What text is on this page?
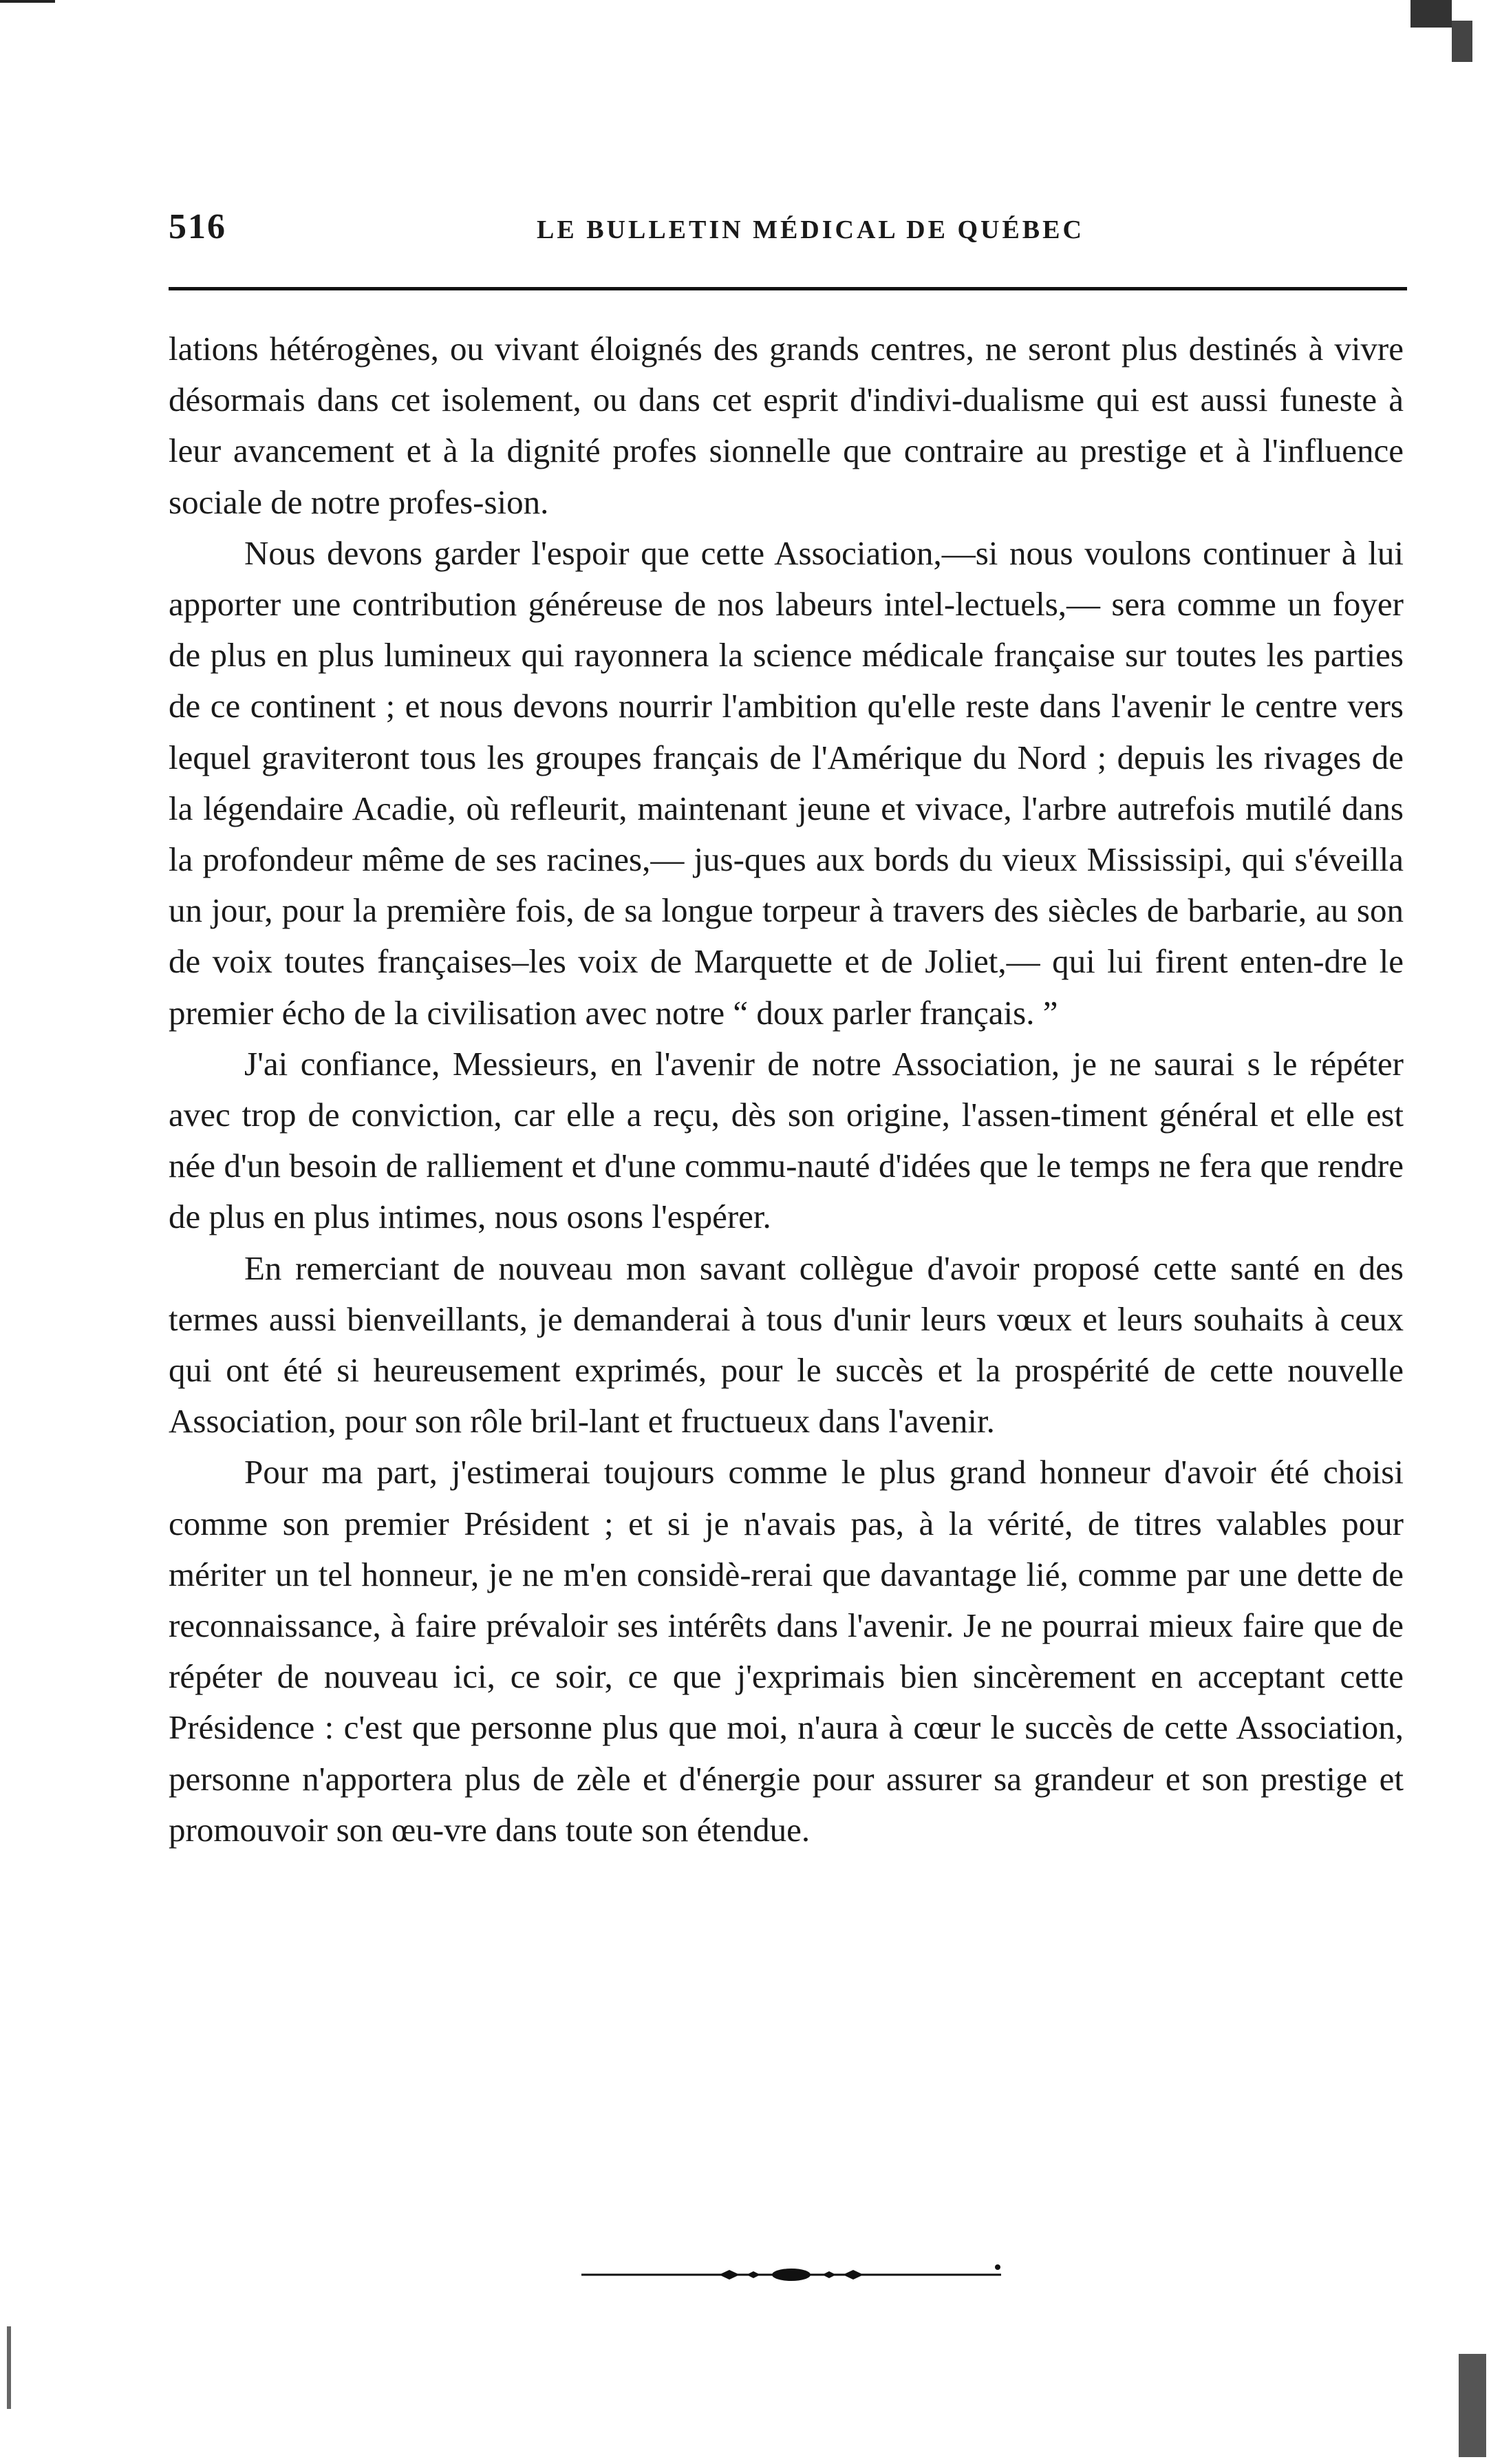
516	LE BULLETIN MÉDICAL DE QUÉBEC

lations hétérogènes, ou vivant éloignés des grands centres, ne seront plus destinés à vivre désormais dans cet isolement, ou dans cet esprit d'indivi-dualisme qui est aussi funeste à leur avancement et à la dignité profes sionnelle que contraire au prestige et à l'influence sociale de notre profes-sion.

Nous devons garder l'espoir que cette Association,—si nous voulons continuer à lui apporter une contribution généreuse de nos labeurs intel-lectuels,— sera comme un foyer de plus en plus lumineux qui rayonnera la science médicale française sur toutes les parties de ce continent ; et nous devons nourrir l'ambition qu'elle reste dans l'avenir le centre vers lequel graviteront tous les groupes français de l'Amérique du Nord ; depuis les rivages de la légendaire Acadie, où refleurit, maintenant jeune et vivace, l'arbre autrefois mutilé dans la profondeur même de ses racines,— jus-ques aux bords du vieux Mississipi, qui s'éveilla un jour, pour la première fois, de sa longue torpeur à travers des siècles de barbarie, au son de voix toutes françaises–les voix de Marquette et de Joliet,— qui lui firent enten-dre le premier écho de la civilisation avec notre “ doux parler français. ”

J'ai confiance, Messieurs, en l'avenir de notre Association, je ne saurai s le répéter avec trop de conviction, car elle a reçu, dès son origine, l'assen-timent général et elle est née d'un besoin de ralliement et d'une commu-nauté d'idées que le temps ne fera que rendre de plus en plus intimes, nous osons l'espérer.

En remerciant de nouveau mon savant collègue d'avoir proposé cette santé en des termes aussi bienveillants, je demanderai à tous d'unir leurs vœux et leurs souhaits à ceux qui ont été si heureusement exprimés, pour le succès et la prospérité de cette nouvelle Association, pour son rôle bril-lant et fructueux dans l'avenir.

Pour ma part, j'estimerai toujours comme le plus grand honneur d'avoir été choisi comme son premier Président ; et si je n'avais pas, à la vérité, de titres valables pour mériter un tel honneur, je ne m'en considè-rerai que davantage lié, comme par une dette de reconnaissance, à faire prévaloir ses intérêts dans l'avenir. Je ne pourrai mieux faire que de répéter de nouveau ici, ce soir, ce que j'exprimais bien sincèrement en acceptant cette Présidence : c'est que personne plus que moi, n'aura à cœur le succès de cette Association, personne n'apportera plus de zèle et d'énergie pour assurer sa grandeur et son prestige et promouvoir son œu-vre dans toute son étendue.
